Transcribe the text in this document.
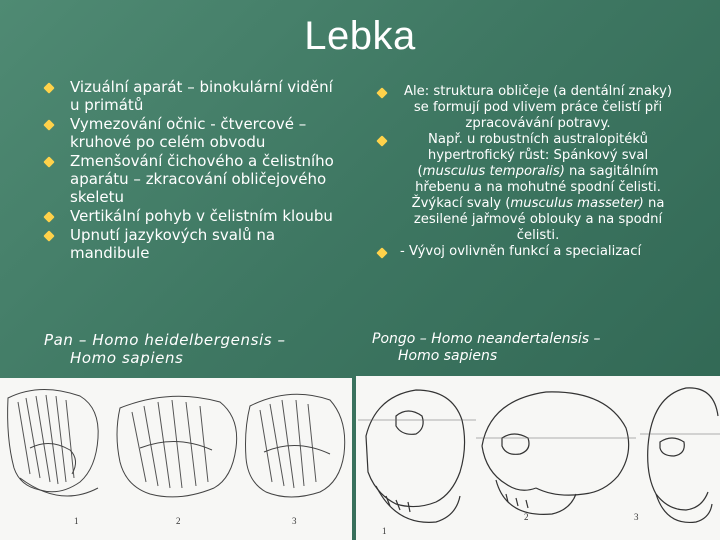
Lebka
Vizuální aparát – binokulární vidění u primátů
Vymezování očnic - čtvercové – kruhové po celém obvodu
Zmenšování čichového a čelistního aparátu – zkracování obličejového skeletu
Vertikální pohyb v čelistním kloubu
Upnutí jazykových svalů na mandibule
Ale: struktura obličeje (a dentální znaky) se formují pod vlivem práce čelistí při zpracovávání potravy.
Např. u robustních australopitéků hypertrofický růst: Spánkový sval (musculus temporalis) na sagitálním hřebenu a na mohutné spodní čelisti. Žvýkací svaly (musculus masseter) na zesilené jařmové oblouky a na spodní čelisti.
- Vývoj ovlivněn funkcí a specializací
Pan – Homo heidelbergensis –
Homo sapiens
Pongo – Homo neandertalensis –
Homo sapiens
1	2	3
1
2	3
